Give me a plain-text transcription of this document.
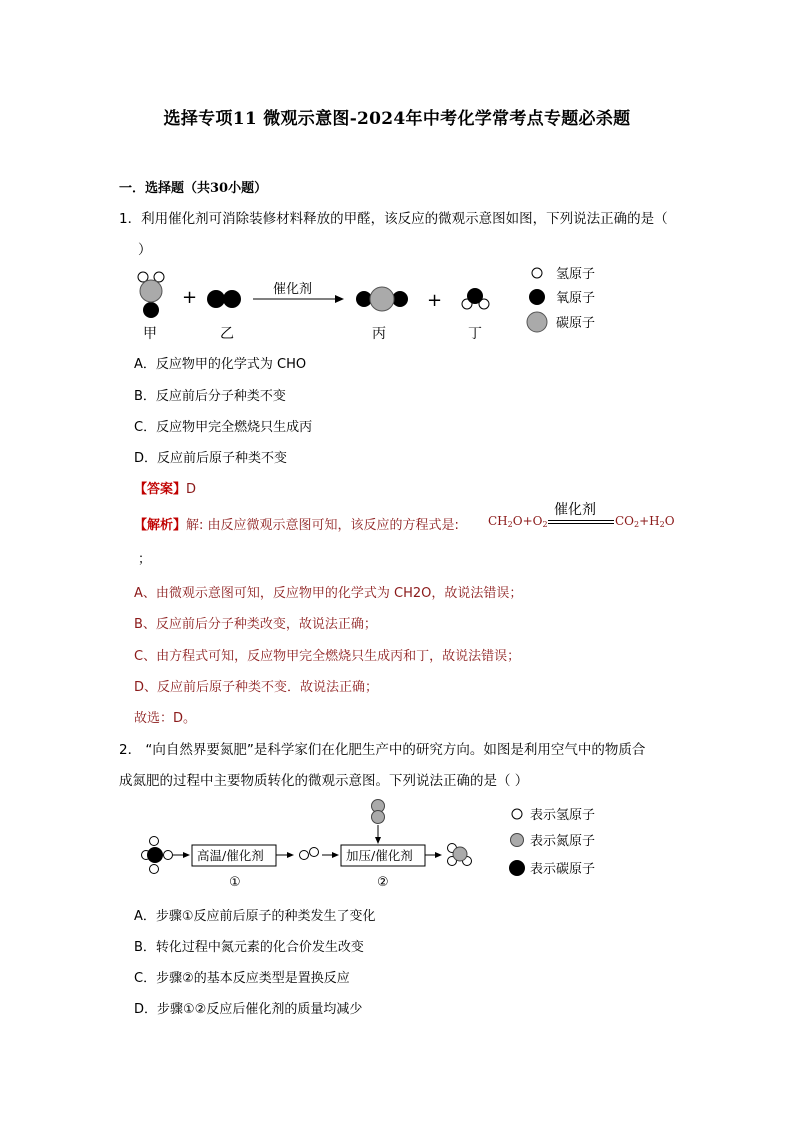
选择专项11 微观示意图-2024年中考化学常考点专题必杀题
一．选择题（共30小题）
1．利用催化剂可消除装修材料释放的甲醛，该反应的微观示意图如图，下列说法正确的是（
）
+	催化剂
+
甲	乙	丙	丁
氢原子
氧原子
碳原子
A．反应物甲的化学式为 CHO
B．反应前后分子种类不变
C．反应物甲完全燃烧只生成丙
D．反应前后原子种类不变
【答案】D
【解析】解: 由反应微观示意图可知，该反应的方程式是: $CH_2O+O_2$
催化剂
$CO_2+H_2O$
；
A、由微观示意图可知，反应物甲的化学式为 CH2O，故说法错误；
B、反应前后分子种类改变，故说法正确；
C、由方程式可知，反应物甲完全燃烧只生成丙和丁，故说法错误；
D、反应前后原子种类不变．故说法正确；
故选：D。
2． “向自然界要氮肥”是科学家们在化肥生产中的研究方向。如图是利用空气中的物质合
成氮肥的过程中主要物质转化的微观示意图。下列说法正确的是（ ）
高温/催化剂
①
加压/催化剂
②
表示氢原子
表示氮原子
表示碳原子
A．步骤①反应前后原子的种类发生了变化
B．转化过程中氮元素的化合价发生改变
C．步骤②的基本反应类型是置换反应
D．步骤①②反应后催化剂的质量均减少
